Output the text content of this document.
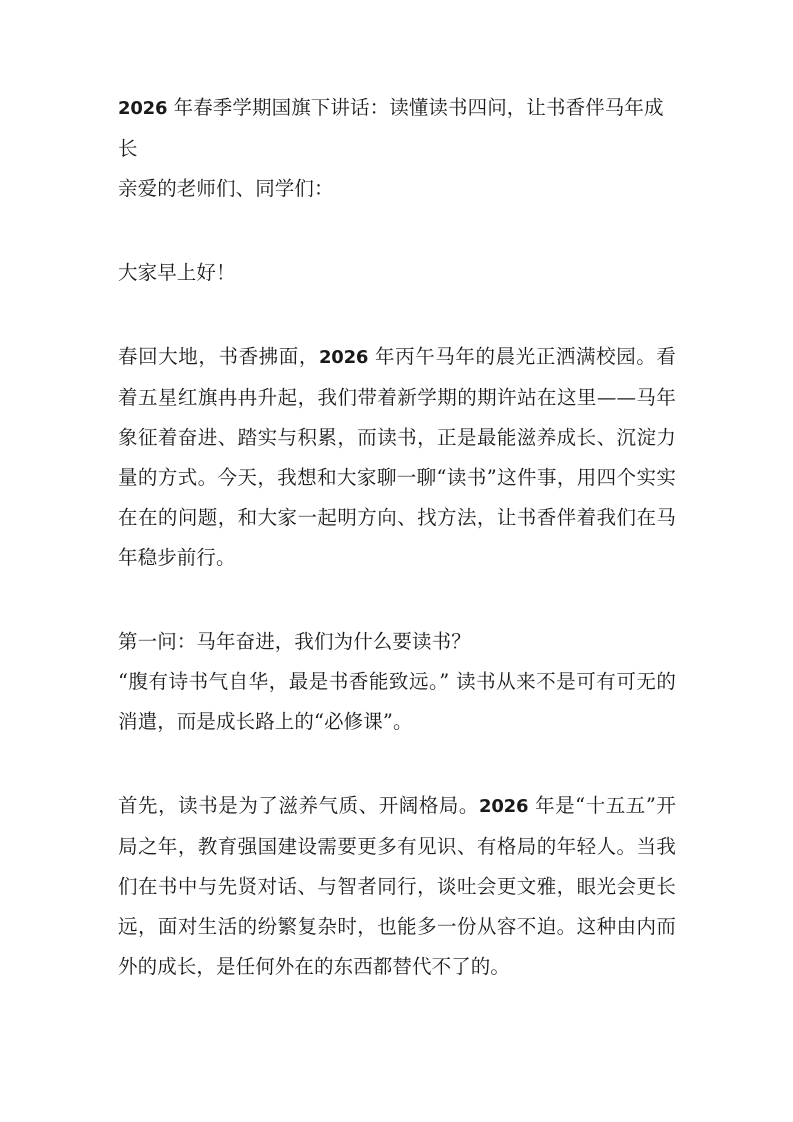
2026 年春季学期国旗下讲话：读懂读书四问，让书香伴马年成长

亲爱的老师们、同学们：

大家早上好！

春回大地，书香拂面，2026 年丙午马年的晨光正洒满校园。看着五星红旗冉冉升起，我们带着新学期的期许站在这里——马年象征着奋进、踏实与积累，而读书，正是最能滋养成长、沉淀力量的方式。今天，我想和大家聊一聊“读书”这件事，用四个实实在在的问题，和大家一起明方向、找方法，让书香伴着我们在马年稳步前行。

第一问：马年奋进，我们为什么要读书？

“腹有诗书气自华，最是书香能致远。” 读书从来不是可有可无的消遣，而是成长路上的“必修课”。

首先，读书是为了滋养气质、开阔格局。2026 年是“十五五”开局之年，教育强国建设需要更多有见识、有格局的年轻人。当我们在书中与先贤对话、与智者同行，谈吐会更文雅，眼光会更长远，面对生活的纷繁复杂时，也能多一份从容不迫。这种由内而外的成长，是任何外在的东西都替代不了的。
